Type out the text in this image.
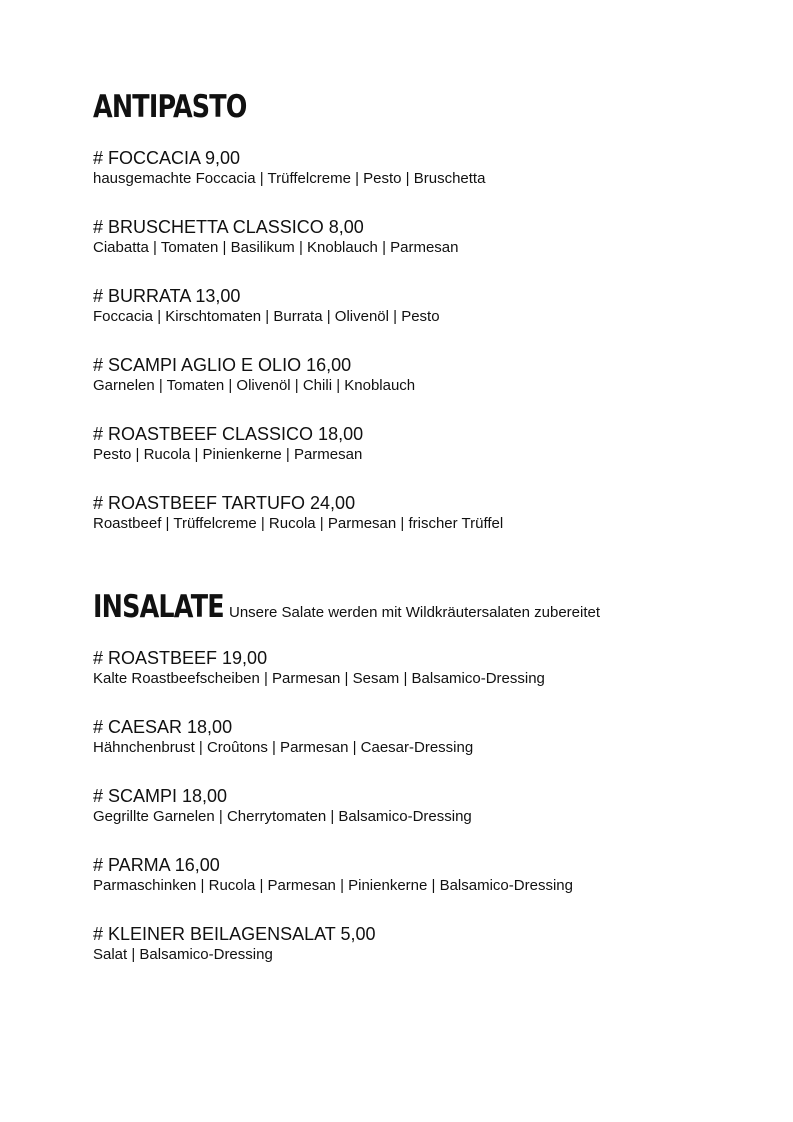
ANTIPASTO
# FOCCACIA 9,00
hausgemachte Foccacia | Trüffelcreme | Pesto | Bruschetta
# BRUSCHETTA CLASSICO 8,00
Ciabatta | Tomaten | Basilikum | Knoblauch | Parmesan
# BURRATA 13,00
Foccacia | Kirschtomaten | Burrata | Olivenöl | Pesto
# SCAMPI AGLIO E OLIO 16,00
Garnelen | Tomaten | Olivenöl | Chili | Knoblauch
# ROASTBEEF CLASSICO 18,00
Pesto | Rucola | Pinienkerne | Parmesan
# ROASTBEEF TARTUFO 24,00
Roastbeef | Trüffelcreme | Rucola | Parmesan | frischer Trüffel
INSALATE Unsere Salate werden mit Wildkräutersalaten zubereitet
# ROASTBEEF 19,00
Kalte Roastbeefscheiben | Parmesan | Sesam | Balsamico-Dressing
# CAESAR 18,00
Hähnchenbrust | Croûtons | Parmesan | Caesar-Dressing
# SCAMPI 18,00
Gegrillte Garnelen | Cherrytomaten | Balsamico-Dressing
# PARMA 16,00
Parmaschinken | Rucola | Parmesan | Pinienkerne | Balsamico-Dressing
# KLEINER BEILAGENSALAT 5,00
Salat | Balsamico-Dressing
